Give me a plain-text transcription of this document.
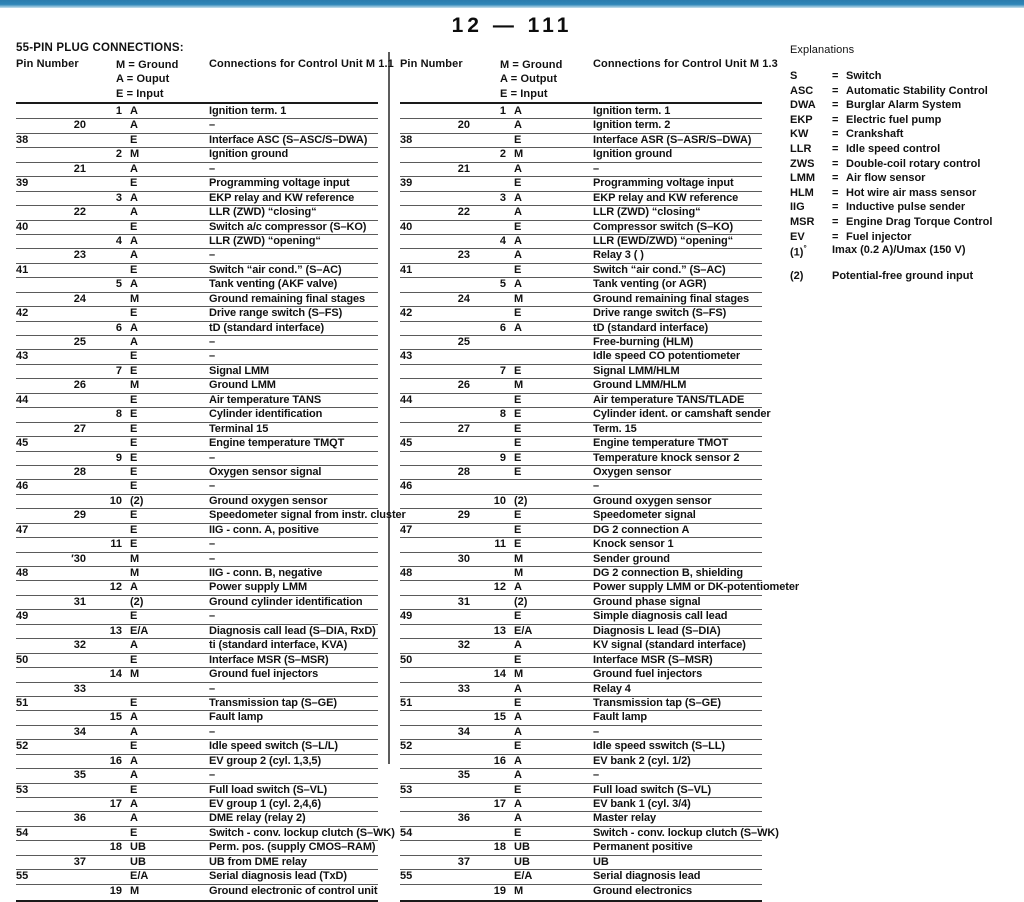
12 — 111
55-PIN PLUG CONNECTIONS:
Pin Number	M = Ground
A = Ouput
E = Input
Connections for Control Unit M 1.1
1 A	Ignition term. 1
20	A	–
38	E	Interface ASC (S–ASC/S–DWA)
2 M	Ignition ground
21	A	–
39	E	Programming voltage input
3 A	EKP relay and KW reference
22	A	LLR (ZWD) “closing“
40	E	Switch a/c compressor (S–KO)
4 A	LLR (ZWD) “opening“
23	A	–
41	E	Switch “air cond.” (S–AC)
5 A	Tank venting (AKF valve)
24	M	Ground remaining final stages
42	E	Drive range switch (S–FS)
6 A	tD (standard interface)
25	A	–
43	E	–
7 E	Signal LMM
26	M	Ground LMM
44	E	Air temperature TANS
8 E	Cylinder identification
27	E	Terminal 15
45	E	Engine temperature TMQT
9 E	–
28	E	Oxygen sensor signal
46	E	–
10 (2)	Ground oxygen sensor
29	E	Speedometer signal from instr. cluster
47	E	IIG - conn. A, positive
11 E	–
′30	M	–
48	M	IIG - conn. B, negative
12 A	Power supply LMM
31	(2)	Ground cylinder identification
49	E	–
13 E/A	Diagnosis call lead (S–DIA, RxD)
32	A	ti (standard interface, KVA)
50	E	Interface MSR (S–MSR)
14 M	Ground fuel injectors
33	–
51	E	Transmission tap (S–GE)
15 A	Fault lamp
34	A	–
52	E	Idle speed switch (S–L/L)
16 A	EV group 2 (cyl. 1,3,5)
35	A	–
53	E	Full load switch (S–VL)
17 A	EV group 1 (cyl. 2,4,6)
36	A	DME relay (relay 2)
54	E	Switch - conv. lockup clutch (S–WK)
18 UB	Perm. pos. (supply CMOS–RAM)
37	UB	UB from DME relay
55	E/A	Serial diagnosis lead (TxD)
19 M	Ground electronic of control unit
Pin Number	M = Ground
A = Output
E = Input
Connections for Control Unit M 1.3
1 A	Ignition term. 1
20	A	Ignition term. 2
38	E	Interface ASR (S–ASR/S–DWA)
2 M	Ignition ground
21	A	–
39	E	Programming voltage input
3 A	EKP relay and KW reference
22	A	LLR (ZWD) “closing“
40	E	Compressor switch (S–KO)
4 A	LLR (EWD/ZWD) “opening“
23	A	Relay 3 ( )
41	E	Switch “air cond.” (S–AC)
5 A	Tank venting (or AGR)
24	M	Ground remaining final stages
42	E	Drive range switch (S–FS)
6 A	tD (standard interface)
25	Free-burning (HLM)
43	Idle speed CO potentiometer
7 E	Signal LMM/HLM
26	M	Ground LMM/HLM
44	E	Air temperature TANS/TLADE
8 E	Cylinder ident. or camshaft sender
27	E	Term. 15
45	E	Engine temperature TMOT
9 E	Temperature knock sensor 2
28	E	Oxygen sensor
46	–
10 (2)	Ground oxygen sensor
29	E	Speedometer signal
47	E	DG 2 connection A
11 E	Knock sensor 1
30	M	Sender ground
48	M	DG 2 connection B, shielding
12 A	Power supply LMM or DK-potentiometer
31	(2)	Ground phase signal
49	E	Simple diagnosis call lead
13 E/A	Diagnosis L lead (S–DIA)
32	A	KV signal (standard interface)
50	E	Interface MSR (S–MSR)
14 M	Ground fuel injectors
33	A	Relay 4
51	E	Transmission tap (S–GE)
15 A	Fault lamp
34	A	–
52	E	Idle speed sswitch (S–LL)
16 A	EV bank 2 (cyl. 1/2)
35	A	–
53	E	Full load switch (S–VL)
17 A	EV bank 1 (cyl. 3/4)
36	A	Master relay
54	E	Switch - conv. lockup clutch (S–WK)
18 UB	Permanent positive
37	UB	UB
55	E/A	Serial diagnosis lead
19 M	Ground electronics
Explanations
S	= Switch
ASC = Automatic Stability Control
DWA = Burglar Alarm System
EKP = Electric fuel pump
KW = Crankshaft
LLR = Idle speed control
ZWS = Double-coil rotary control
LMM = Air flow sensor
HLM = Hot wire air mass sensor
IIG = Inductive pulse sender
MSR = Engine Drag Torque Control
EV = Fuel injector
(1)° Imax (0.2 A)/Umax (150 V)
(2)	Potential-free ground input
